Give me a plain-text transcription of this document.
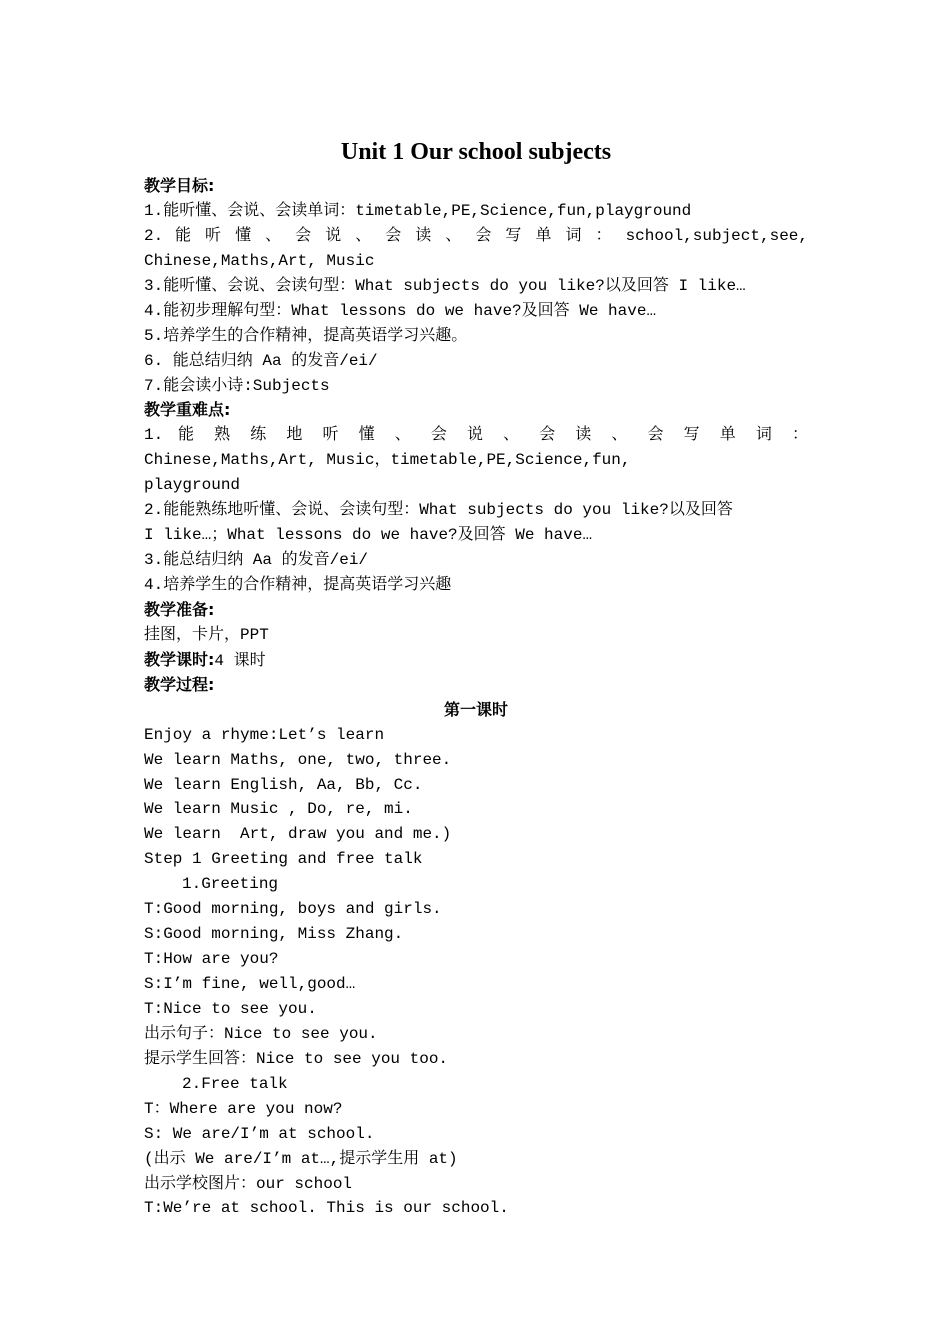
Unit 1 Our school subjects
教学目标:
1.能听懂、会说、会读单词：timetable,PE,Science,fun,playground
2. 能 听 懂 、 会 说 、 会 读 、 会 写 单 词 ： school,subject,see,
Chinese,Maths,Art, Music
3.能听懂、会说、会读句型：What subjects do you like?以及回答 I like…
4.能初步理解句型：What lessons do we have?及回答 We have…
5.培养学生的合作精神，提高英语学习兴趣。
6. 能总结归纳 Aa 的发音/ei/
7.能会读小诗:Subjects
教学重难点:
1. 能 熟 练 地 听 懂 、 会 说 、 会 读 、 会 写 单 词 ：
Chinese,Maths,Art, Music，timetable,PE,Science,fun,
playground
2.能能熟练地听懂、会说、会读句型：What subjects do you like?以及回答
I like…；What lessons do we have?及回答 We have…
3.能总结归纳 Aa 的发音/ei/
4.培养学生的合作精神，提高英语学习兴趣
教学准备:
挂图，卡片，PPT
教学课时:4 课时
教学过程:
第一课时
Enjoy a rhyme:Let’s learn
We learn Maths, one, two, three.
We learn English, Aa, Bb, Cc.
We learn Music , Do, re, mi.
We learn  Art, draw you and me.)
Step 1 Greeting and free talk
1.Greeting
T:Good morning, boys and girls.
S:Good morning, Miss Zhang.
T:How are you?
S:I’m fine, well,good…
T:Nice to see you.
出示句子：Nice to see you.
提示学生回答：Nice to see you too.
2.Free talk
T：Where are you now?
S: We are/I’m at school.
(出示 We are/I’m at…,提示学生用 at)
出示学校图片：our school
T:We’re at school. This is our school.
